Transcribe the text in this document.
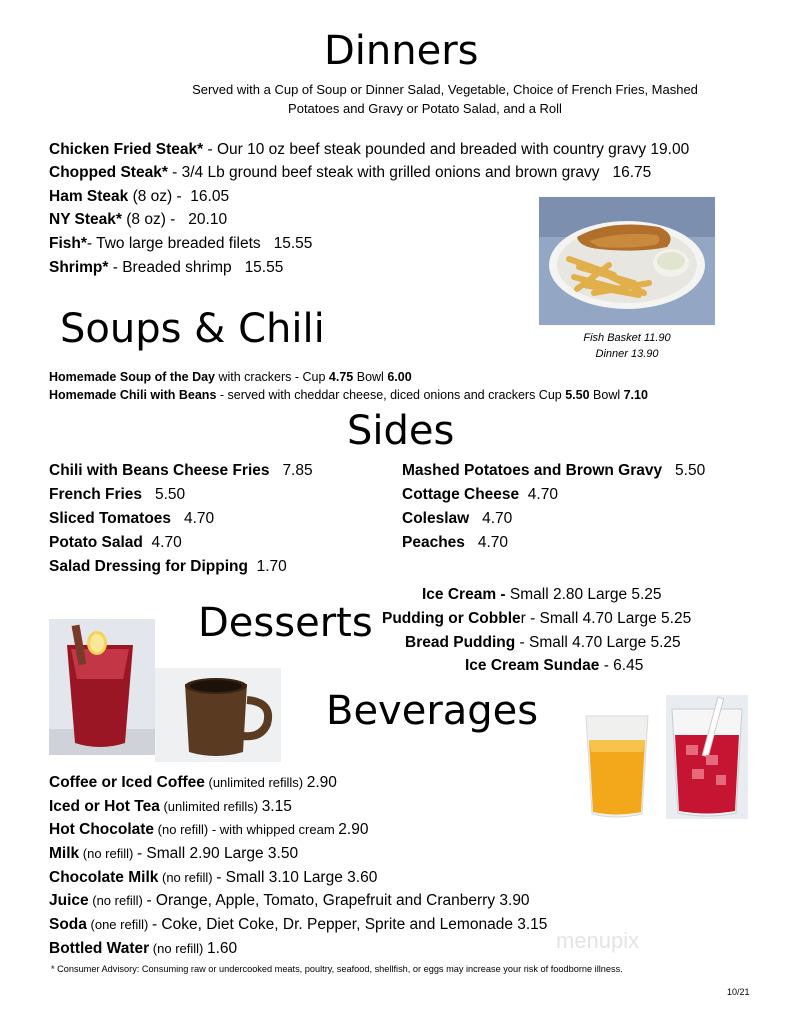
Dinners
Served with a Cup of Soup or Dinner Salad, Vegetable, Choice of French Fries, Mashed
Potatoes and Gravy or Potato Salad, and a Roll
Chicken Fried Steak* - Our 10 oz beef steak pounded and breaded with country gravy 19.00
Chopped Steak* - 3/4 Lb ground beef steak with grilled onions and brown gravy 16.75
Ham Steak (8 oz) - 16.05
NY Steak* (8 oz) - 20.10
Fish*- Two large breaded filets 15.55
Shrimp* - Breaded shrimp 15.55
Fish Basket 11.90
Dinner 13.90
Soups & Chili
Homemade Soup of the Day with crackers - Cup 4.75 Bowl 6.00
Homemade Chili with Beans - served with cheddar cheese, diced onions and crackers Cup 5.50 Bowl 7.10
Sides
Chili with Beans Cheese Fries 7.85
French Fries 5.50
Sliced Tomatoes 4.70
Potato Salad 4.70
Salad Dressing for Dipping 1.70
Mashed Potatoes and Brown Gravy 5.50
Cottage Cheese 4.70
Coleslaw 4.70
Peaches 4.70
Desserts
Ice Cream - Small 2.80 Large 5.25
Pudding or Cobbler - Small 4.70 Large 5.25
Bread Pudding - Small 4.70 Large 5.25
Ice Cream Sundae - 6.45
Beverages
Coffee or Iced Coffee (unlimited refills) 2.90
Iced or Hot Tea (unlimited refills) 3.15
Hot Chocolate (no refill) - with whipped cream 2.90
Milk (no refill) - Small 2.90 Large 3.50
Chocolate Milk (no refill) - Small 3.10 Large 3.60
Juice (no refill) - Orange, Apple, Tomato, Grapefruit and Cranberry 3.90
Soda (one refill) - Coke, Diet Coke, Dr. Pepper, Sprite and Lemonade 3.15
Bottled Water (no refill) 1.60	menupix
* Consumer Advisory: Consuming raw or undercooked meats, poultry, seafood, shellfish, or eggs may increase your risk of foodborne illness.
10/21
